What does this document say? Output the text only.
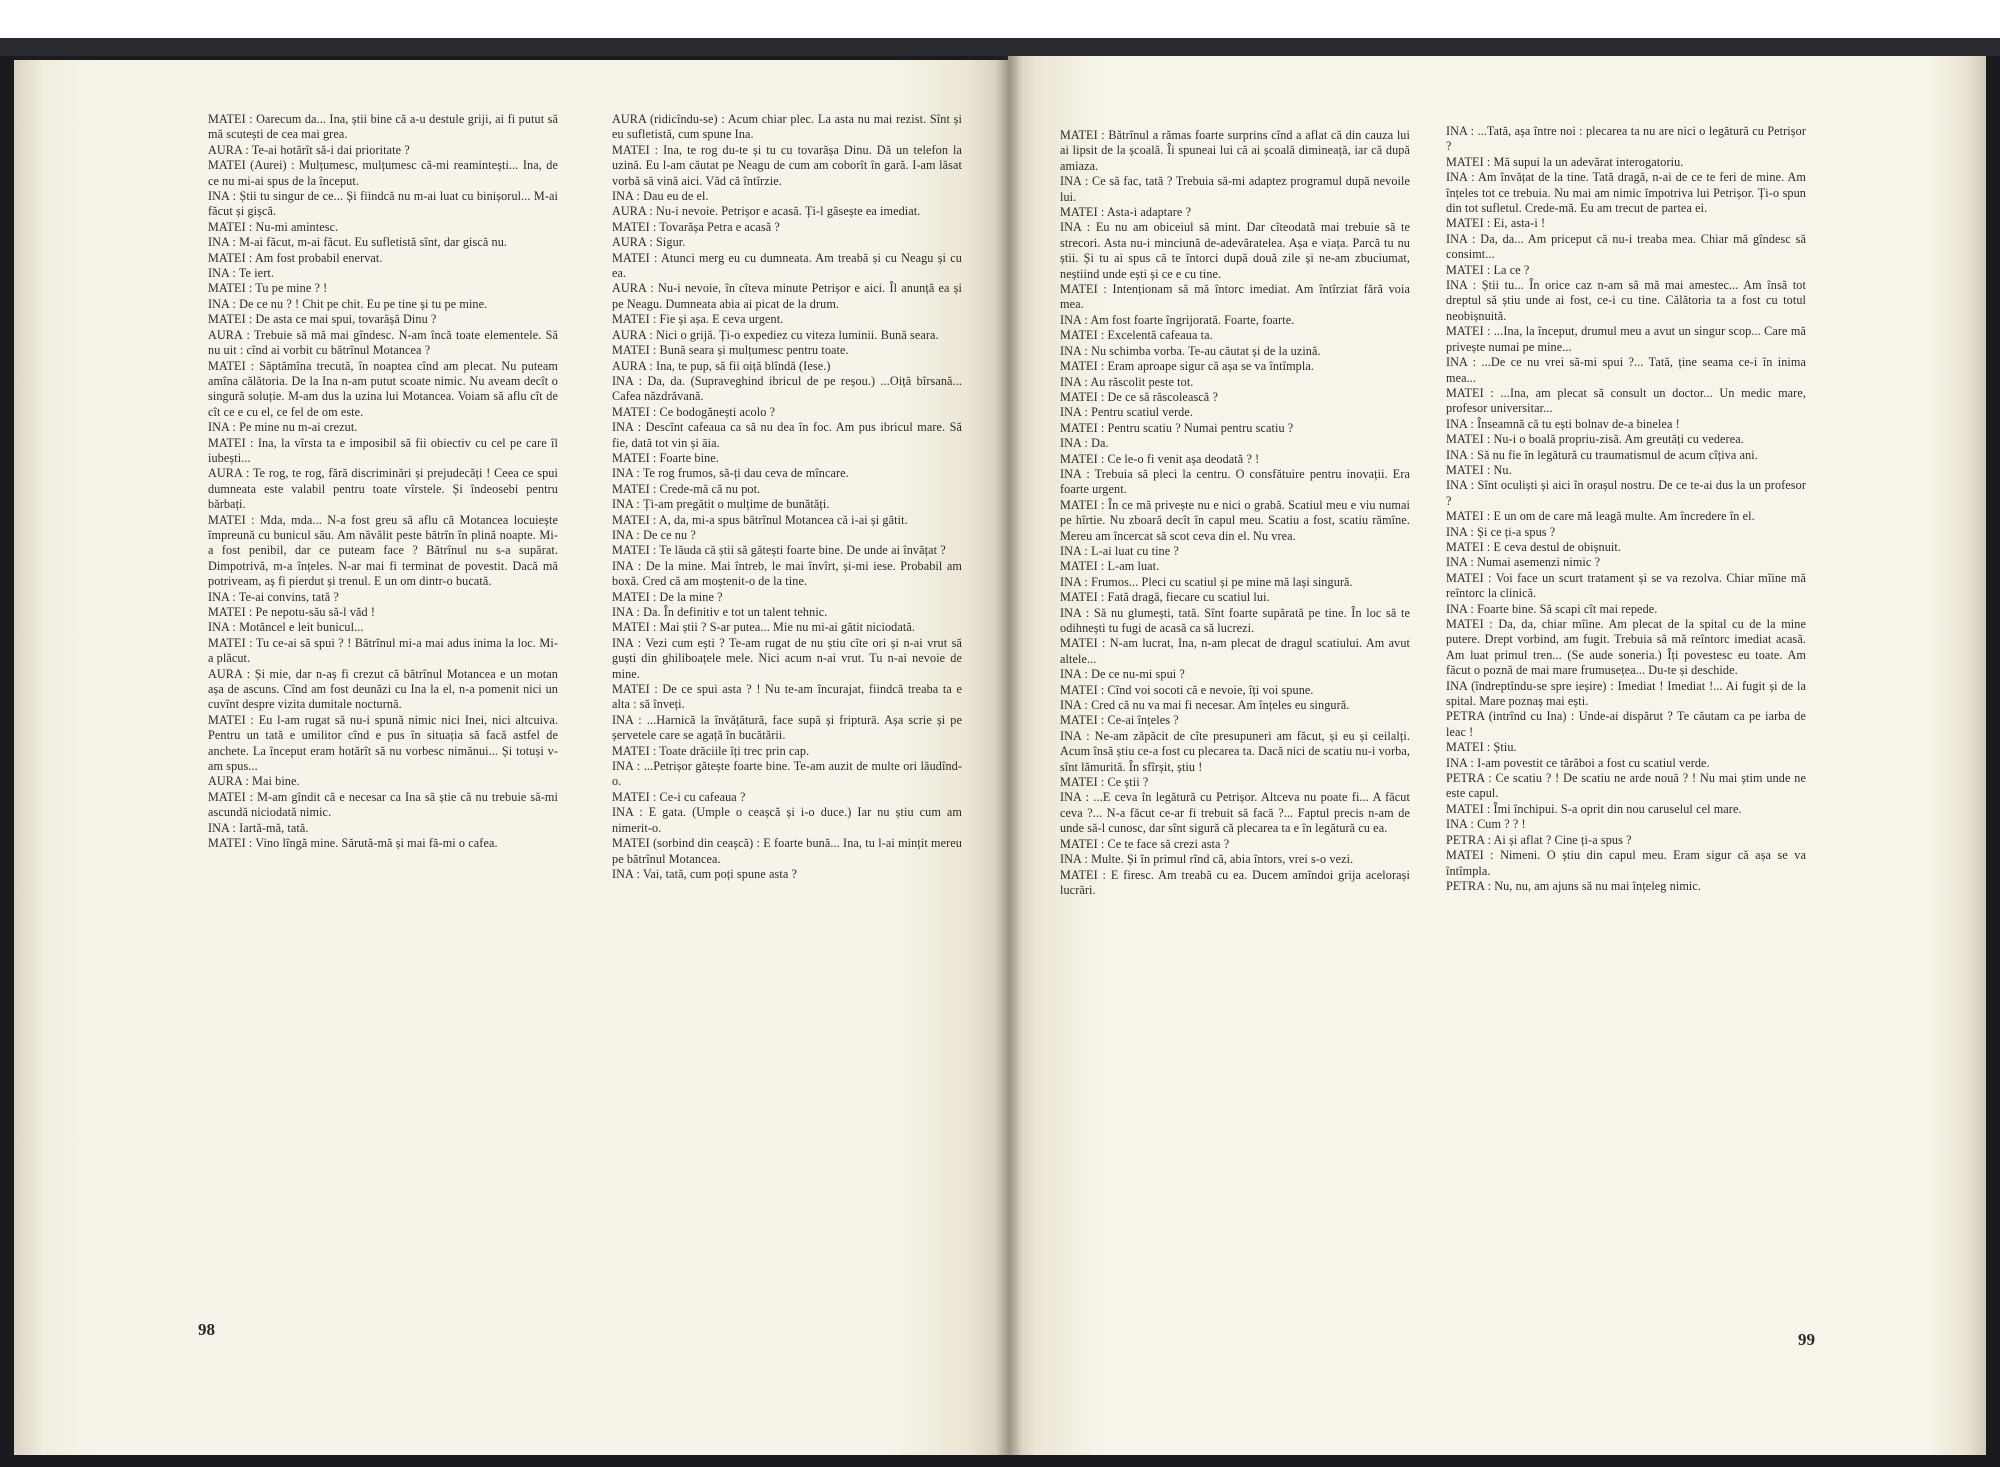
MATEI : Oarecum da... Ina, știi bine că a-u destule griji, ai fi putut să mă scutești de cea mai grea.

AURA : Te-ai hotărît să-i dai prioritate ?

MATEI (Aurei) : Mulțumesc, mulțumesc că-mi reamintești... Ina, de ce nu mi-ai spus de la început.

INA : Știi tu singur de ce... Și fiindcă nu m-ai luat cu binișorul... M-ai făcut și gișcă.

MATEI : Nu-mi amintesc.

INA : M-ai făcut, m-ai făcut. Eu sufletistă sînt, dar giscă nu.

MATEI : Am fost probabil enervat.

INA : Te iert.

MATEI : Tu pe mine ? !

INA : De ce nu ? ! Chit pe chit. Eu pe tine și tu pe mine.

MATEI : De asta ce mai spui, tovarășă Dinu ?

AURA : Trebuie să mă mai gîndesc. N-am încă toate elementele. Să nu uit : cînd ai vorbit cu bătrînul Motancea ?

MATEI : Săptămîna trecută, în noaptea cînd am plecat. Nu puteam amîna călătoria. De la Ina n-am putut scoate nimic. Nu aveam decît o singură soluție. M-am dus la uzina lui Motancea. Voiam să aflu cît de cît ce e cu el, ce fel de om este.

INA : Pe mine nu m-ai crezut.

MATEI : Ina, la vîrsta ta e imposibil să fii obiectiv cu cel pe care îl iubești...

AURA : Te rog, te rog, fără discriminări și prejudecăți ! Ceea ce spui dumneata este valabil pentru toate vîrstele. Și îndeosebi pentru bărbați.

MATEI : Mda, mda... N-a fost greu să aflu că Motancea locuiește împreună cu bunicul său. Am năvălit peste bătrîn în plină noapte. Mi-a fost penibil, dar ce puteam face ? Bătrînul nu s-a supărat. Dimpotrivă, m-a înțeles. N-ar mai fi terminat de povestit. Dacă mă potriveam, aș fi pierdut și trenul. E un om dintr-o bucată.

INA : Te-ai convins, tată ?

MATEI : Pe nepotu-său să-l văd !

INA : Motăncel e leit bunicul...

MATEI : Tu ce-ai să spui ? ! Bătrînul mi-a mai adus inima la loc. Mi-a plăcut.

AURA : Și mie, dar n-aș fi crezut că bătrînul Motancea e un motan așa de ascuns. Cînd am fost deunăzi cu Ina la el, n-a pomenit nici un cuvînt despre vizita dumitale nocturnă.

MATEI : Eu l-am rugat să nu-i spună nimic nici Inei, nici altcuiva. Pentru un tată e umilitor cînd e pus în situația să facă astfel de anchete. La început eram hotărît să nu vorbesc nimănui... Și totuși v-am spus...

AURA : Mai bine.

MATEI : M-am gîndit că e necesar ca Ina să știe că nu trebuie să-mi ascundă niciodată nimic.

INA : Iartă-mă, tată.

MATEI : Vino lîngă mine. Sărută-mă și mai fă-mi o cafea.

AURA (ridicîndu-se) : Acum chiar plec. La asta nu mai rezist. Sînt și eu sufletistă, cum spune Ina.

MATEI : Ina, te rog du-te și tu cu tovarășa Dinu. Dă un telefon la uzină. Eu l-am căutat pe Neagu de cum am coborît în gară. I-am lăsat vorbă să vină aici. Văd că întîrzie.

INA : Dau eu de el.

AURA : Nu-i nevoie. Petrișor e acasă. Ți-l găsește ea imediat.

MATEI : Tovarășa Petra e acasă ?

AURA : Sigur.

MATEI : Atunci merg eu cu dumneata. Am treabă și cu Neagu și cu ea.

AURA : Nu-i nevoie, în cîteva minute Petrișor e aici. Îl anunță ea și pe Neagu. Dumneata abia ai picat de la drum.

MATEI : Fie și așa. E ceva urgent.

AURA : Nici o grijă. Ți-o expediez cu viteza luminii. Bună seara.

MATEI : Bună seara și mulțumesc pentru toate.

AURA : Ina, te pup, să fii oiță blîndă (Iese.)

INA : Da, da. (Supraveghind ibricul de pe reșou.) ...Oiță bîrsană... Cafea năzdrăvană.

MATEI : Ce bodogănești acolo ?

INA : Descînt cafeaua ca să nu dea în foc. Am pus ibricul mare. Să fie, dată tot vin și āia.

MATEI : Foarte bine.

INA : Te rog frumos, să-ți dau ceva de mîncare.

MATEI : Crede-mă că nu pot.

INA : Ți-am pregătit o mulțime de bunătăți.

MATEI : A, da, mi-a spus bătrînul Motancea că i-ai și gătit.

INA : De ce nu ?

MATEI : Te lăuda că știi să gătești foarte bine. De unde ai învățat ?

INA : De la mine. Mai întreb, le mai învîrt, și-mi iese. Probabil am boxă. Cred că am moștenit-o de la tine.

MATEI : De la mine ?

INA : Da. În definitiv e tot un talent tehnic.

MATEI : Mai știi ? S-ar putea... Mie nu mi-ai gătit niciodată.

INA : Vezi cum ești ? Te-am rugat de nu știu cîte ori și n-ai vrut să guști din ghiliboațele mele. Nici acum n-ai vrut. Tu n-ai nevoie de mine.

MATEI : De ce spui asta ? ! Nu te-am încurajat, fiindcă treaba ta e alta : să înveți.

INA : ...Harnică la învățătură, face supă și fripturā. Așa scrie și pe șervetele care se agață în bucătării.

MATEI : Toate drăciile îți trec prin cap.

INA : ...Petrișor gătește foarte bine. Te-am auzit de multe ori lăudînd-o.

MATEI : Ce-i cu cafeaua ?

INA : E gata. (Umple o ceașcă și i-o duce.) Iar nu știu cum am nimerit-o.

MATEI (sorbind din ceașcă) : E foarte bună... Ina, tu l-ai mințit mereu pe bătrînul Motancea.

INA : Vai, tată, cum poți spune asta ?

MATEI : Bătrînul a rămas foarte surprins cînd a aflat că din cauza lui ai lipsit de la școală. Îi spuneai lui că ai școală dimineață, iar că după amiaza.

INA : Ce să fac, tată ? Trebuia să-mi adaptez programul după nevoile lui.

MATEI : Asta-i adaptare ?

INA : Eu nu am obiceiul să mint. Dar cîteodată mai trebuie să te strecori. Asta nu-i minciună de-adevăratelea. Așa e viața. Parcă tu nu știi. Și tu ai spus că te întorci după două zile și ne-am zbuciumat, neștiind unde ești și ce e cu tine.

MATEI : Intenționam să mă întorc imediat. Am întîrziat fără voia mea.

INA : Am fost foarte îngrijorată. Foarte, foarte.

MATEI : Excelentă cafeaua ta.

INA : Nu schimba vorba. Te-au căutat și de la uzină.

MATEI : Eram aproape sigur că așa se va întîmpla.

INA : Au răscolit peste tot.

MATEI : De ce să răscolească ?

INA : Pentru scatiul verde.

MATEI : Pentru scatiu ? Numai pentru scatiu ?

INA : Da.

MATEI : Ce le-o fi venit așa deodată ? !

INA : Trebuia să pleci la centru. O consfătuire pentru inovații. Era foarte urgent.

MATEI : În ce mă privește nu e nici o grabă. Scatiul meu e viu numai pe hîrtie. Nu zboară decît în capul meu. Scatiu a fost, scatiu rămîne. Mereu am încercat să scot ceva din el. Nu vrea.

INA : L-ai luat cu tine ?

MATEI : L-am luat.

INA : Frumos... Pleci cu scatiul și pe mine mă lași singură.

MATEI : Fată dragă, fiecare cu scatiul lui.

INA : Să nu glumești, tată. Sînt foarte supărată pe tine. În loc să te odihnești tu fugi de acasă ca să lucrezi.

MATEI : N-am lucrat, Ina, n-am plecat de dragul scatiului. Am avut altele...

INA : De ce nu-mi spui ?

MATEI : Cînd voi socoti că e nevoie, îți voi spune.

INA : Cred că nu va mai fi necesar. Am înțeles eu singură.

MATEI : Ce-ai înțeles ?

INA : Ne-am zăpăcit de cîte presupuneri am făcut, și eu și ceilalți. Acum însă știu ce-a fost cu plecarea ta. Dacă nici de scatiu nu-i vorba, sînt lămurită. În sfîrșit, știu !

MATEI : Ce știi ?

INA : ...E ceva în legătură cu Petrișor. Altceva nu poate fi... A făcut ceva ?... N-a făcut ce-ar fi trebuit să facă ?... Faptul precis n-am de unde să-l cunosc, dar sînt sigură că plecarea ta e în legătură cu ea.

MATEI : Ce te face să crezi asta ?

INA : Multe. Și în primul rînd că, abia întors, vrei s-o vezi.

MATEI : E firesc. Am treabă cu ea. Ducem amîndoi grija acelorași lucrări.

INA : ...Tată, așa între noi : plecarea ta nu are nici o legătură cu Petrișor ?

MATEI : Mă supui la un adevărat interogatoriu.

INA : Am învățat de la tine. Tată dragă, n-ai de ce te feri de mine. Am înțeles tot ce trebuia. Nu mai am nimic împotriva lui Petrișor. Ți-o spun din tot sufletul. Crede-mă. Eu am trecut de partea ei.

MATEI : Ei, asta-i !

INA : Da, da... Am priceput că nu-i treaba mea. Chiar mă gîndesc să consimt...

MATEI : La ce ?

INA : Știi tu... În orice caz n-am să mă mai amestec... Am însă tot dreptul să știu unde ai fost, ce-i cu tine. Călătoria ta a fost cu totul neobișnuită.

MATEI : ...Ina, la început, drumul meu a avut un singur scop... Care mă privește numai pe mine...

INA : ...De ce nu vrei să-mi spui ?... Tată, ține seama ce-i în inima mea...

MATEI : ...Ina, am plecat să consult un doctor... Un medic mare, profesor universitar...

INA : Înseamnă că tu ești bolnav de-a binelea !

MATEI : Nu-i o boală propriu-zisă. Am greutăți cu vederea.

INA : Să nu fie în legătură cu traumatismul de acum cîțiva ani.

MATEI : Nu.

INA : Sînt oculiști și aici în orașul nostru. De ce te-ai dus la un profesor ?

MATEI : E un om de care mă leagă multe. Am încredere în el.

INA : Și ce ți-a spus ?

MATEI : E ceva destul de obișnuit.

INA : Numai asemenzi nimic ?

MATEI : Voi face un scurt tratament și se va rezolva. Chiar mîine mă reîntorc la clinică.

INA : Foarte bine. Să scapi cît mai repede.

MATEI : Da, da, chiar mîine. Am plecat de la spital cu de la mine putere. Drept vorbind, am fugit. Trebuia să mă reîntorc imediat acasă. Am luat primul tren... (Se aude soneria.) Îți povestesc eu toate. Am făcut o poznă de mai mare frumusețea... Du-te și deschide.

INA (îndreptîndu-se spre ieșire) : Imediat ! Imediat !... Ai fugit și de la spital. Mare poznaș mai ești.

PETRA (intrînd cu Ina) : Unde-ai dispărut ? Te căutam ca pe iarba de leac !

MATEI : Știu.

INA : I-am povestit ce tărăboi a fost cu scatiul verde.

PETRA : Ce scatiu ? ! De scatiu ne arde nouă ? ! Nu mai știm unde ne este capul.

MATEI : Îmi închipui. S-a oprit din nou caruselul cel mare.

INA : Cum ? ? !

PETRA : Ai și aflat ? Cine ți-a spus ?

MATEI : Nimeni. O știu din capul meu. Eram sigur că așa se va întîmpla.

PETRA : Nu, nu, am ajuns să nu mai înțeleg nimic.

98
99
